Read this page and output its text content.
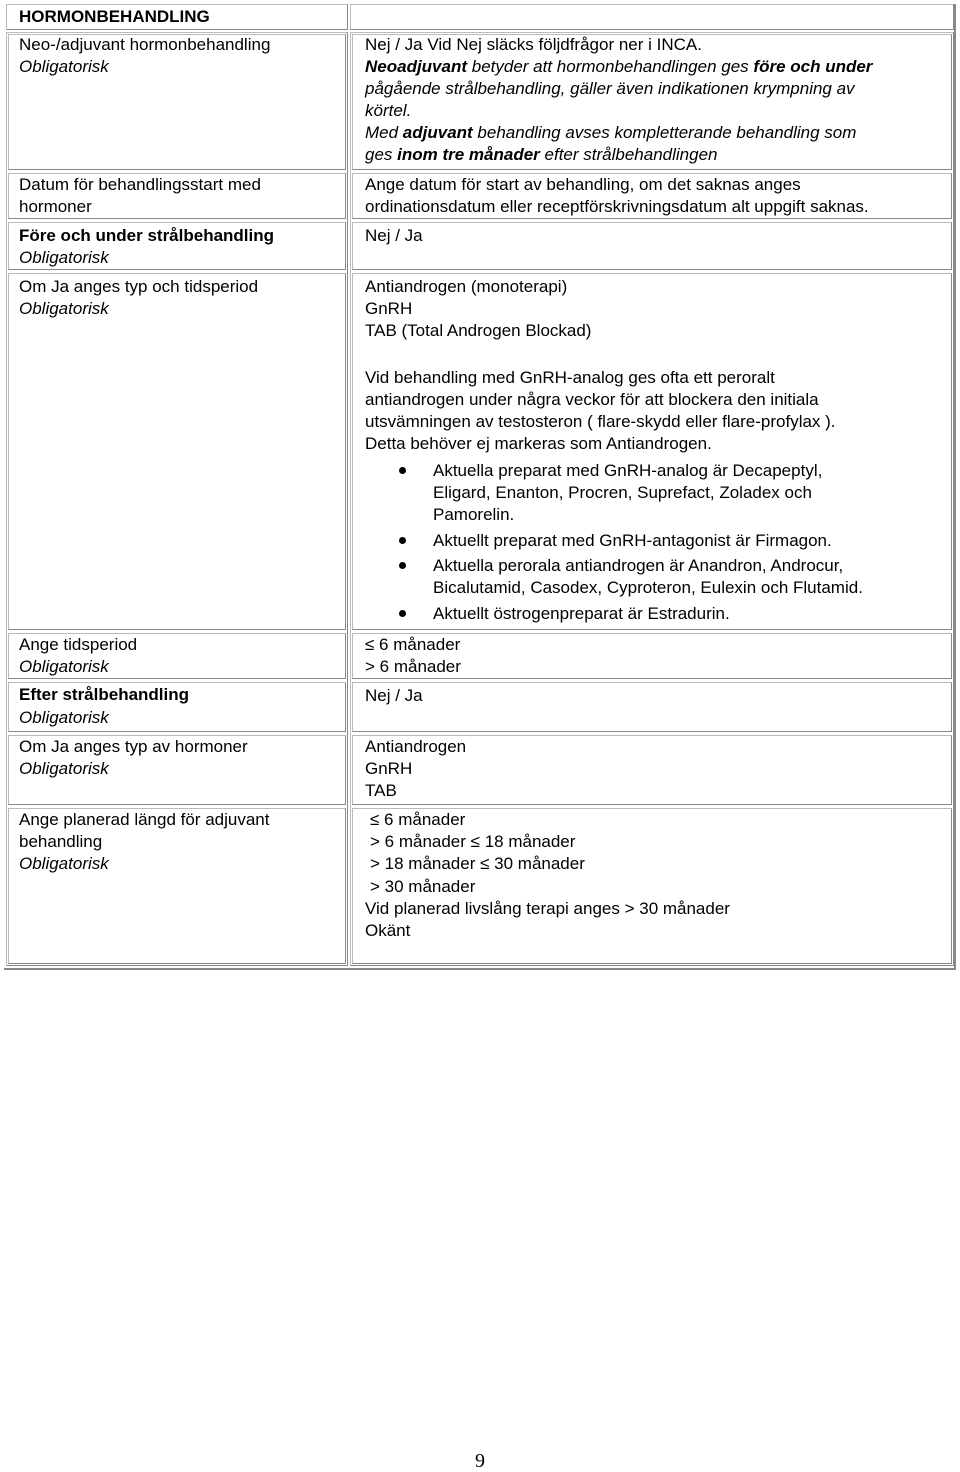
HORMONBEHANDLING
Neo-/adjuvant hormonbehandling
Obligatorisk
Datum för behandlingsstart med
hormoner
Före och under strålbehandling
Obligatorisk
Om Ja anges typ och tidsperiod
Obligatorisk
Ange tidsperiod
Obligatorisk
Efter strålbehandling
Obligatorisk
Om Ja anges typ av hormoner
Obligatorisk
Ange planerad längd för adjuvant
behandling
Obligatorisk
Nej / Ja Vid Nej släcks följdfrågor ner i INCA.
Neoadjuvant betyder att hormonbehandlingen ges före och under
pågående strålbehandling, gäller även indikationen krympning av
körtel.
Med adjuvant behandling avses kompletterande behandling som
ges inom tre månader efter strålbehandlingen
Ange datum för start av behandling, om det saknas anges
ordinationsdatum eller receptförskrivningsdatum alt uppgift saknas.
Nej / Ja
Antiandrogen (monoterapi)
GnRH
TAB (Total Androgen Blockad)
Vid behandling med GnRH-analog ges ofta ett peroralt
antiandrogen under några veckor för att blockera den initiala
utsvämningen av testosteron ( flare-skydd eller flare-profylax ).
Detta behöver ej markeras som Antiandrogen.
Aktuella preparat med GnRH-analog är Decapeptyl,
Eligard, Enanton, Procren, Suprefact, Zoladex och
Pamorelin.
Aktuellt preparat med GnRH-antagonist är Firmagon.
Aktuella perorala antiandrogen är Anandron, Androcur,
Bicalutamid, Casodex, Cyproteron, Eulexin och Flutamid.
Aktuellt östrogenpreparat är Estradurin.
≤ 6 månader
> 6 månader
Nej / Ja
Antiandrogen
GnRH
TAB
≤ 6 månader
> 6 månader ≤ 18 månader
> 18 månader ≤ 30 månader
> 30 månader
Vid planerad livslång terapi anges > 30 månader
Okänt
9
